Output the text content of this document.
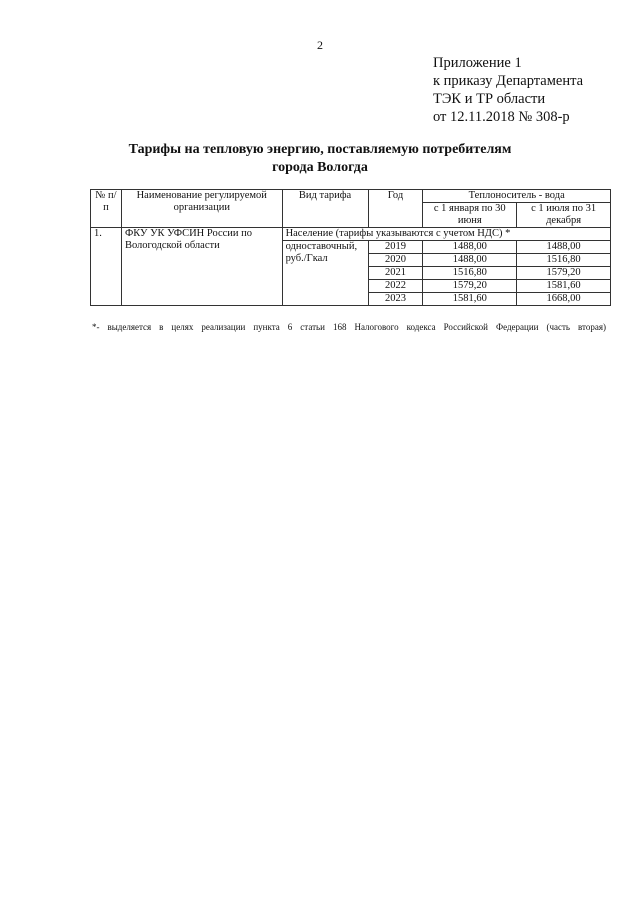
2
Приложение 1
к приказу Департамента
ТЭК и ТР области
от 12.11.2018 № 308-р
Тарифы на тепловую энергию, поставляемую потребителям
города Вологда
№ п/п	Наименование регулируемой организации	Вид тарифа	Год	Теплоноситель - вода	
				с 1 января по 30 июня	с 1 июля по 31 декабря
1.	ФКУ УК УФСИН России по Вологодской области	Население (тарифы указываются с учетом НДС) *			
		одноставочный, руб./Гкал	2019	1488,00	1488,00
			2020	1488,00	1516,80
			2021	1516,80	1579,20
			2022	1579,20	1581,60
			2023	1581,60	1668,00
*- выделяется в целях реализации пункта 6 статьи 168 Налогового кодекса Российской Федерации (часть вторая)
